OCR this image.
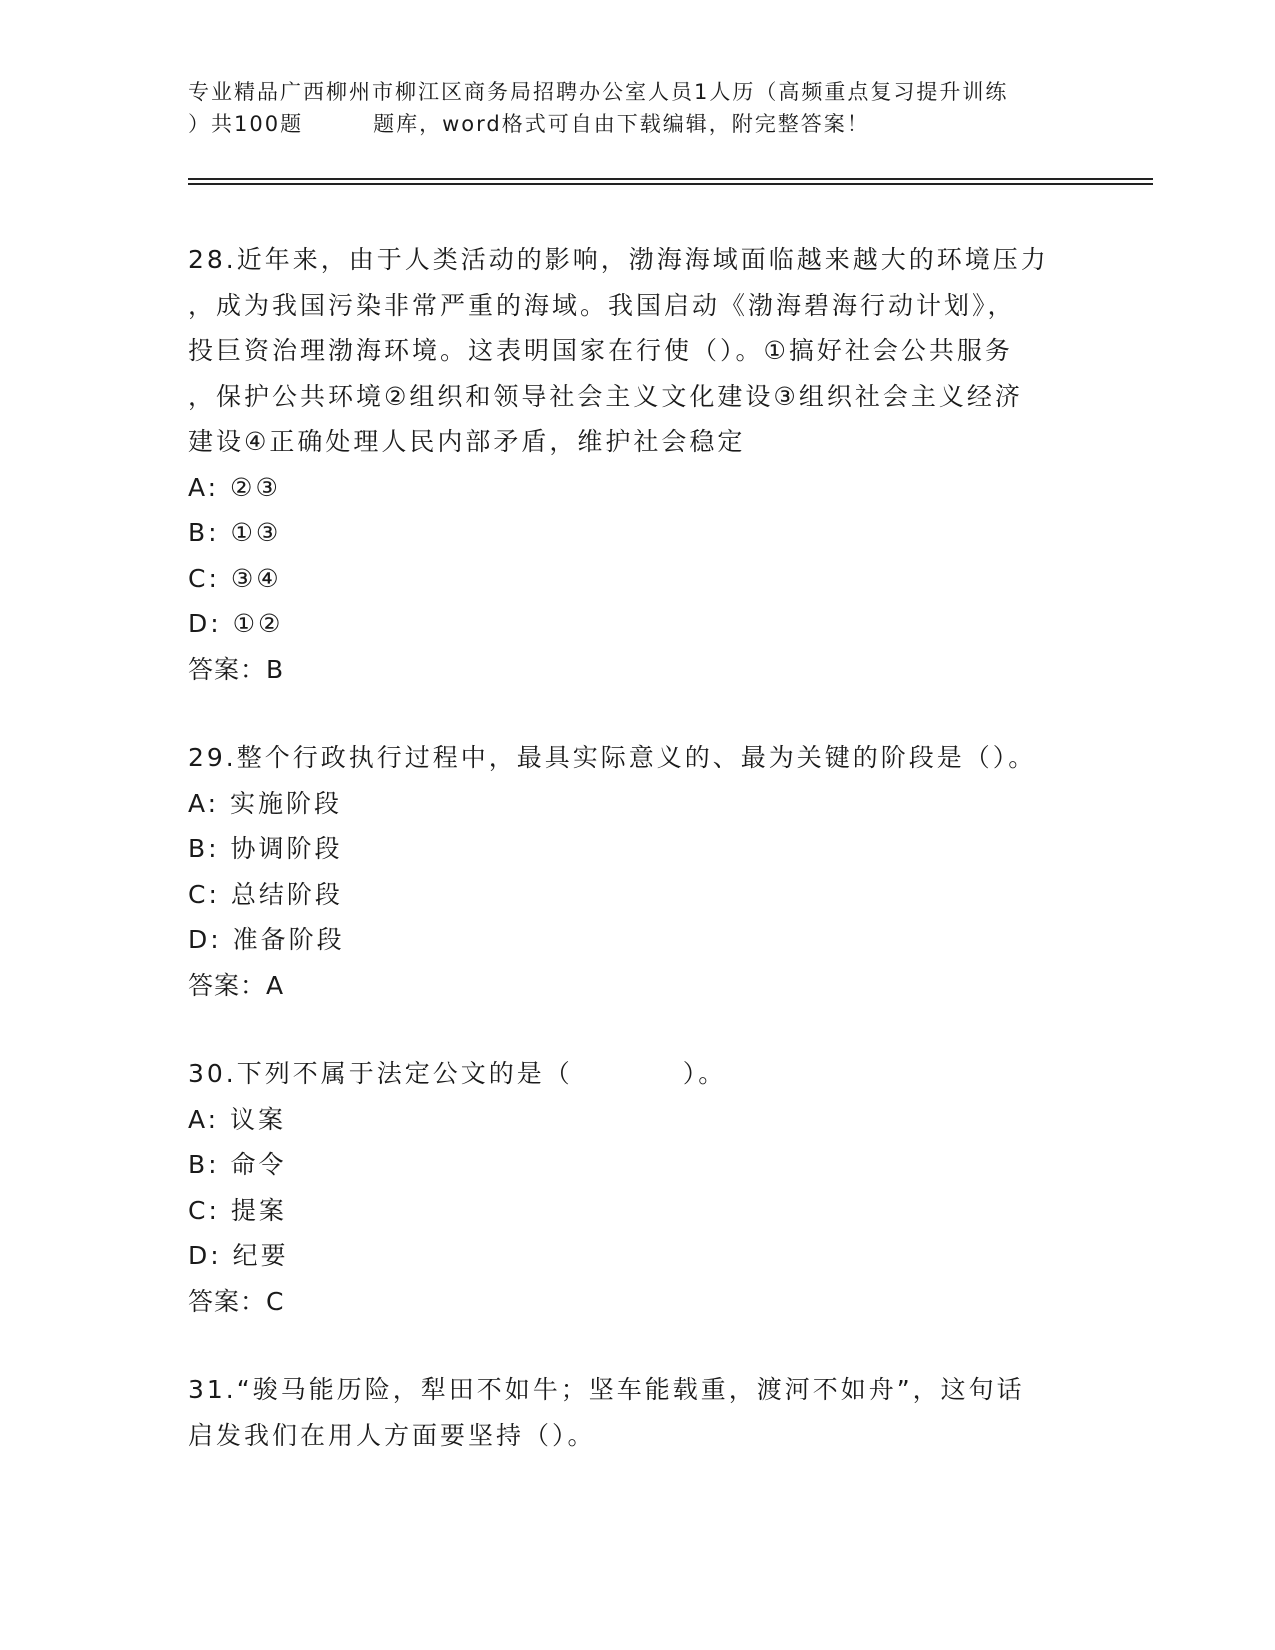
专业精品广西柳州市柳江区商务局招聘办公室人员1人历（高频重点复习提升训练
）共100题	题库，word格式可自由下载编辑，附完整答案！

28.近年来，由于人类活动的影响，渤海海域面临越来越大的环境压力

，成为我国污染非常严重的海域。我国启动《渤海碧海行动计划》，

投巨资治理渤海环境。这表明国家在行使（）。①搞好社会公共服务

，保护公共环境②组织和领导社会主义文化建设③组织社会主义经济

建设④正确处理人民内部矛盾，维护社会稳定

A: ②③

B: ①③

C: ③④

D: ①②

答案：B

29.整个行政执行过程中，最具实际意义的、最为关键的阶段是（）。

A: 实施阶段

B: 协调阶段

C: 总结阶段

D: 准备阶段

答案：A

30.下列不属于法定公文的是（	）。

A: 议案

B: 命令

C: 提案

D: 纪要

答案：C

31.“骏马能历险，犁田不如牛；坚车能载重，渡河不如舟”，这句话

启发我们在用人方面要坚持（）。
